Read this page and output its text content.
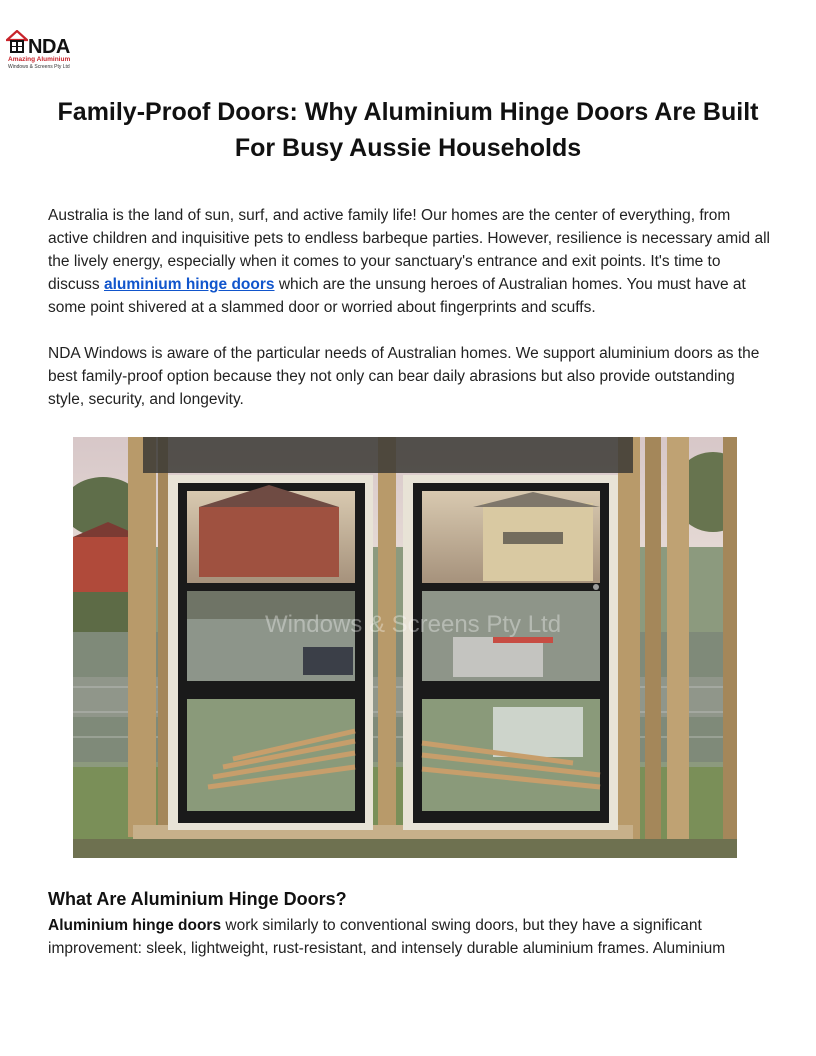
NDA
Amazing Aluminium
Windows & Screens Pty Ltd
Family-Proof Doors: Why Aluminium Hinge Doors Are Built For Busy Aussie Households

Australia is the land of sun, surf, and active family life! Our homes are the center of everything, from active children and inquisitive pets to endless barbeque parties. However, resilience is necessary amid all the lively energy, especially when it comes to your sanctuary's entrance and exit points. It's time to discuss aluminium hinge doors which are the unsung heroes of Australian homes. You must have at some point shivered at a slammed door or worried about fingerprints and scuffs.

NDA Windows is aware of the particular needs of Australian homes. We support aluminium doors as the best family-proof option because they not only can bear daily abrasions but also provide outstanding style, security, and longevity.

Windows & Screens Pty Ltd
What Are Aluminium Hinge Doors?

Aluminium hinge doors work similarly to conventional swing doors, but they have a significant improvement: sleek, lightweight, rust-resistant, and intensely durable aluminium frames. Aluminium
